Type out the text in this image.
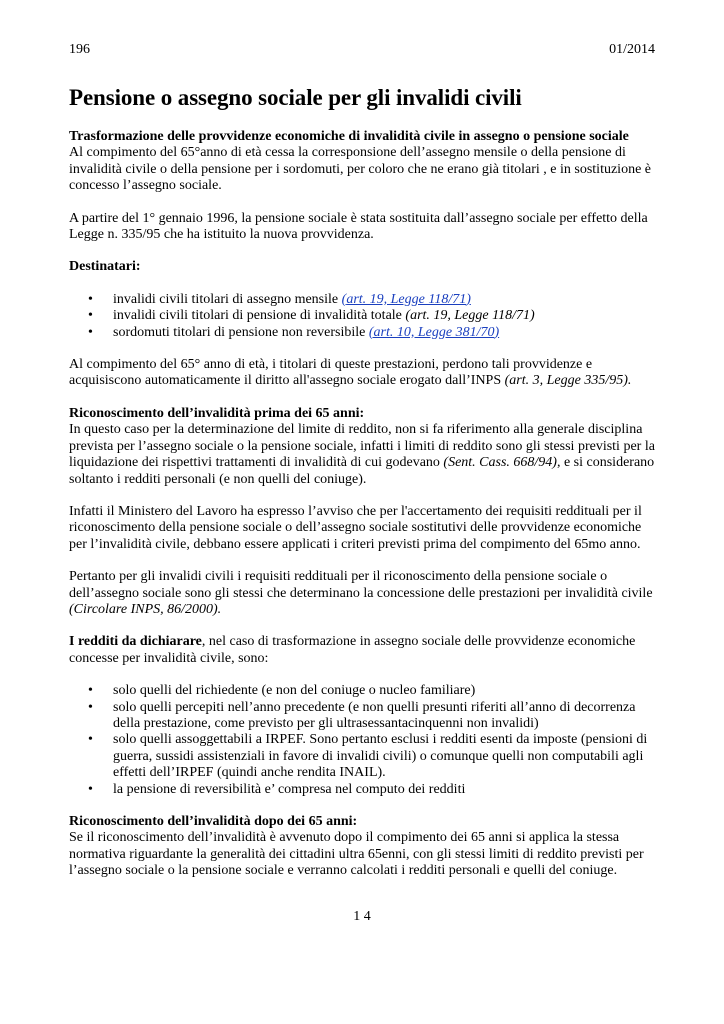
196	01/2014
Pensione o assegno sociale per gli invalidi civili

Trasformazione delle provvidenze economiche di invalidità civile in assegno o pensione sociale

Al compimento del 65°anno di età cessa la corresponsione dell’assegno mensile o della pensione di

invalidità civile o della pensione per i sordomuti, per coloro che ne erano già titolari , e in sostituzione è

concesso l’assegno sociale.

A partire del 1° gennaio 1996, la pensione sociale è stata sostituita dall’assegno sociale per effetto della

Legge n. 335/95 che ha istituito la nuova provvidenza.

Destinatari:

• invalidi civili titolari di assegno mensile (art. 19, Legge 118/71)
• invalidi civili titolari di pensione di invalidità totale (art. 19, Legge 118/71)
• sordomuti titolari di pensione non reversibile (art. 10, Legge 381/70)

Al compimento del 65° anno di età, i titolari di queste prestazioni, perdono tali provvidenze e

acquisiscono automaticamente il diritto all'assegno sociale erogato dall’INPS (art. 3, Legge 335/95).

Riconoscimento dell’invalidità prima dei 65 anni:

In questo caso per la determinazione del limite di reddito, non si fa riferimento alla generale disciplina

prevista per l’assegno sociale o la pensione sociale, infatti i limiti di reddito sono gli stessi previsti per la

liquidazione dei rispettivi trattamenti di invalidità di cui godevano (Sent. Cass. 668/94), e si considerano

soltanto i redditi personali (e non quelli del coniuge).

Infatti il Ministero del Lavoro ha espresso l’avviso che per l'accertamento dei requisiti reddituali per il

riconoscimento della pensione sociale o dell’assegno sociale sostitutivi delle provvidenze economiche

per l’invalidità civile, debbano essere applicati i criteri previsti prima del compimento del 65mo anno.

Pertanto per gli invalidi civili i requisiti reddituali per il riconoscimento della pensione sociale o

dell’assegno sociale sono gli stessi che determinano la concessione delle prestazioni per invalidità civile

(Circolare INPS, 86/2000).

I redditi da dichiarare, nel caso di trasformazione in assegno sociale delle provvidenze economiche

concesse per invalidità civile, sono:

• solo quelli del richiedente (e non del coniuge o nucleo familiare)
• solo quelli percepiti nell’anno precedente (e non quelli presunti riferiti all’anno di decorrenza
della prestazione, come previsto per gli ultrasessantacinquenni non invalidi)
• solo quelli assoggettabili a IRPEF. Sono pertanto esclusi i redditi esenti da imposte (pensioni di
guerra, sussidi assistenziali in favore di invalidi civili) o comunque quelli non computabili agli
effetti dell’IRPEF (quindi anche rendita INAIL).
• la pensione di reversibilità e’ compresa nel computo dei redditi

Riconoscimento dell’invalidità dopo dei 65 anni:

Se il riconoscimento dell’invalidità è avvenuto dopo il compimento dei 65 anni si applica la stessa

normativa riguardante la generalità dei cittadini ultra 65enni, con gli stessi limiti di reddito previsti per

l’assegno sociale o la pensione sociale e verranno calcolati i redditi personali e quelli del coniuge.

1 4
